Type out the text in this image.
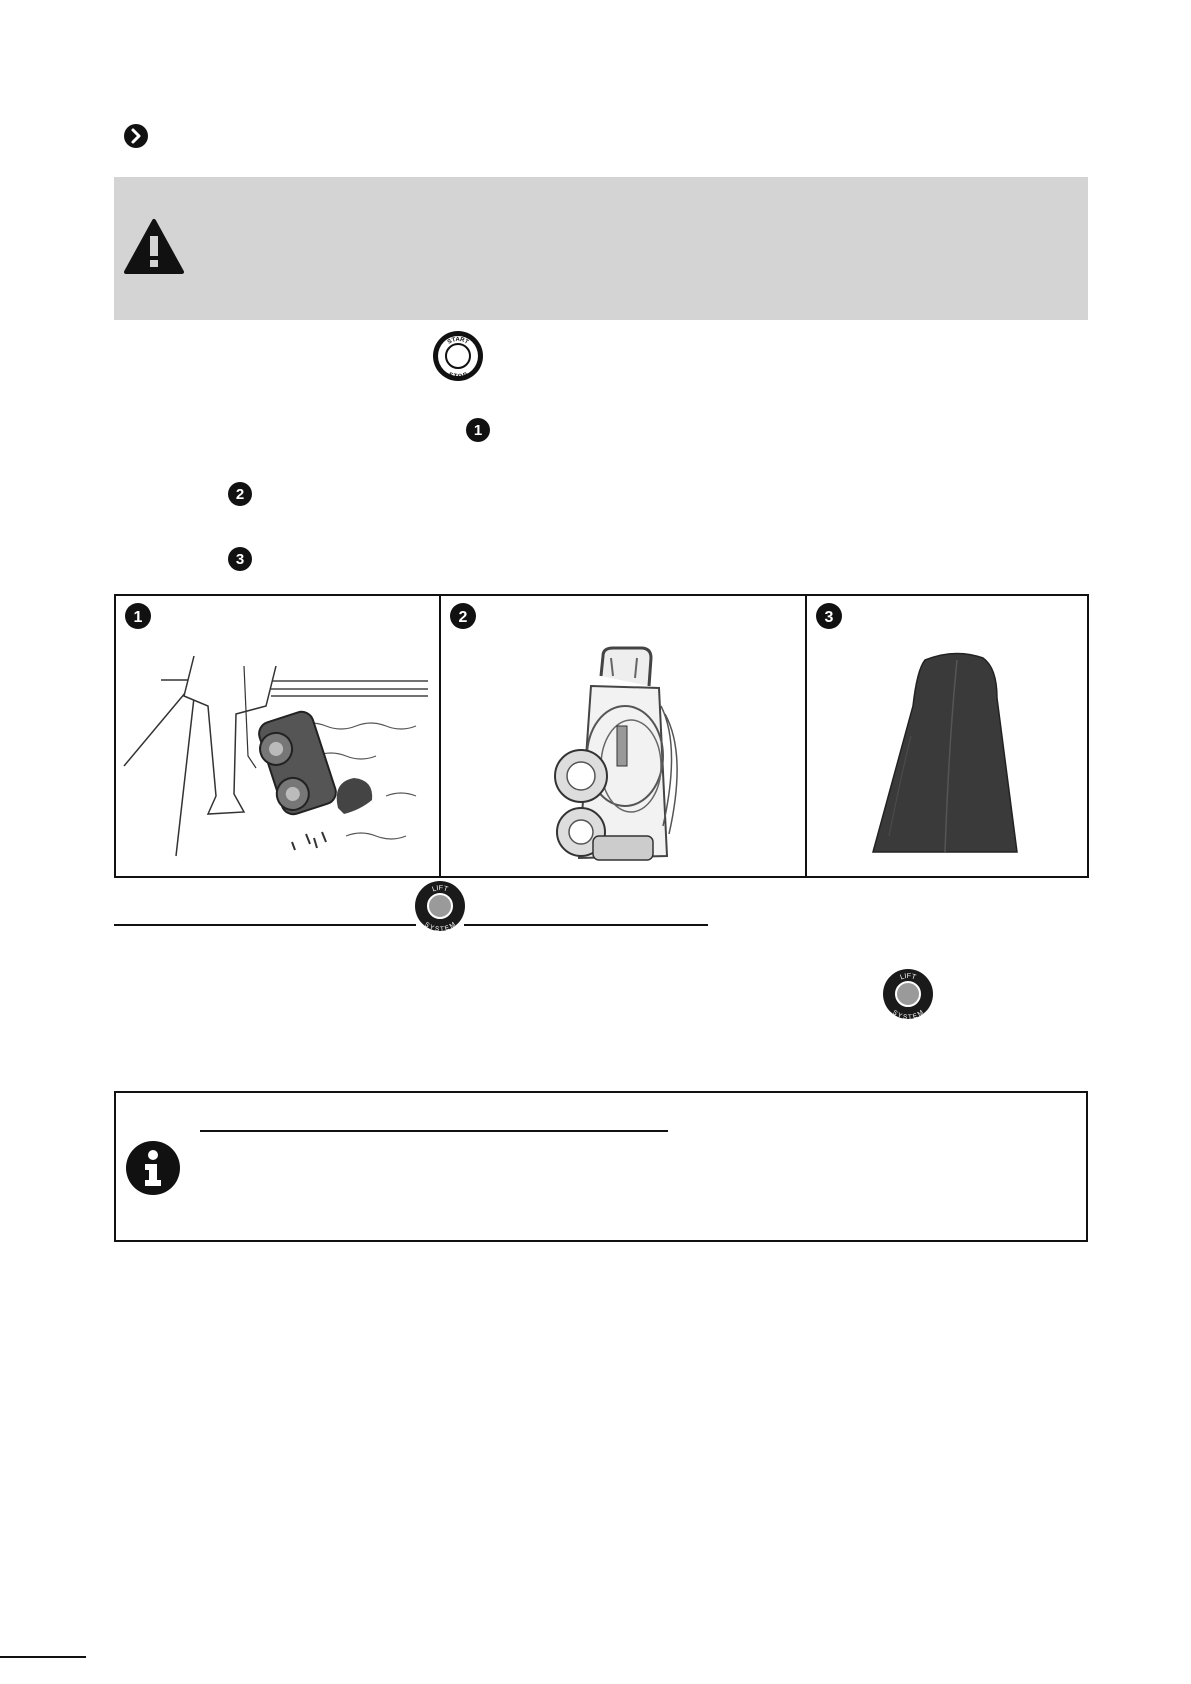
START
STOP
1
2
3
1	2	3
LIFT
SYSTEM
LIFT
SYSTEM
